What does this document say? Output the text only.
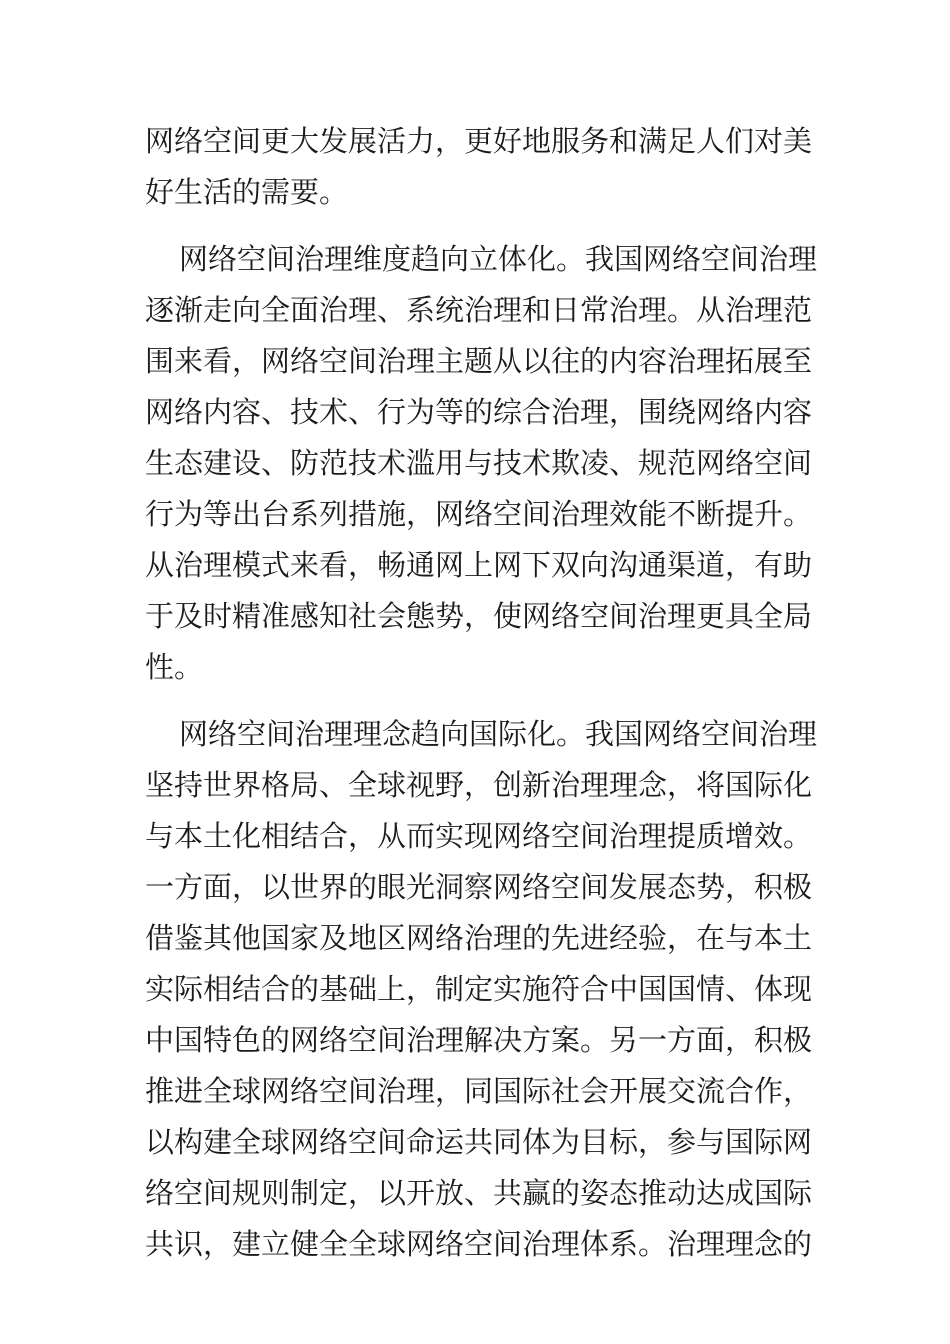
网络空间更大发展活力，更好地服务和满足人们对美
好生活的需要。
网络空间治理维度趋向立体化。我国网络空间治理
逐渐走向全面治理、系统治理和日常治理。从治理范
围来看，网络空间治理主题从以往的内容治理拓展至
网络内容、技术、行为等的综合治理，围绕网络内容
生态建设、防范技术滥用与技术欺凌、规范网络空间
行为等出台系列措施，网络空间治理效能不断提升。
从治理模式来看，畅通网上网下双向沟通渠道，有助
于及时精准感知社会態势，使网络空间治理更具全局
性。
网络空间治理理念趋向国际化。我国网络空间治理
坚持世界格局、全球视野，创新治理理念，将国际化
与本土化相结合，从而实现网络空间治理提质增效。
一方面，以世界的眼光洞察网络空间发展态势，积极
借鉴其他国家及地区网络治理的先进经验，在与本土
实际相结合的基础上，制定实施符合中国国情、体现
中国特色的网络空间治理解决方案。另一方面，积极
推进全球网络空间治理，同国际社会开展交流合作，
以构建全球网络空间命运共同体为目标，参与国际网
络空间规则制定，以开放、共赢的姿态推动达成国际
共识，建立健全全球网络空间治理体系。治理理念的
